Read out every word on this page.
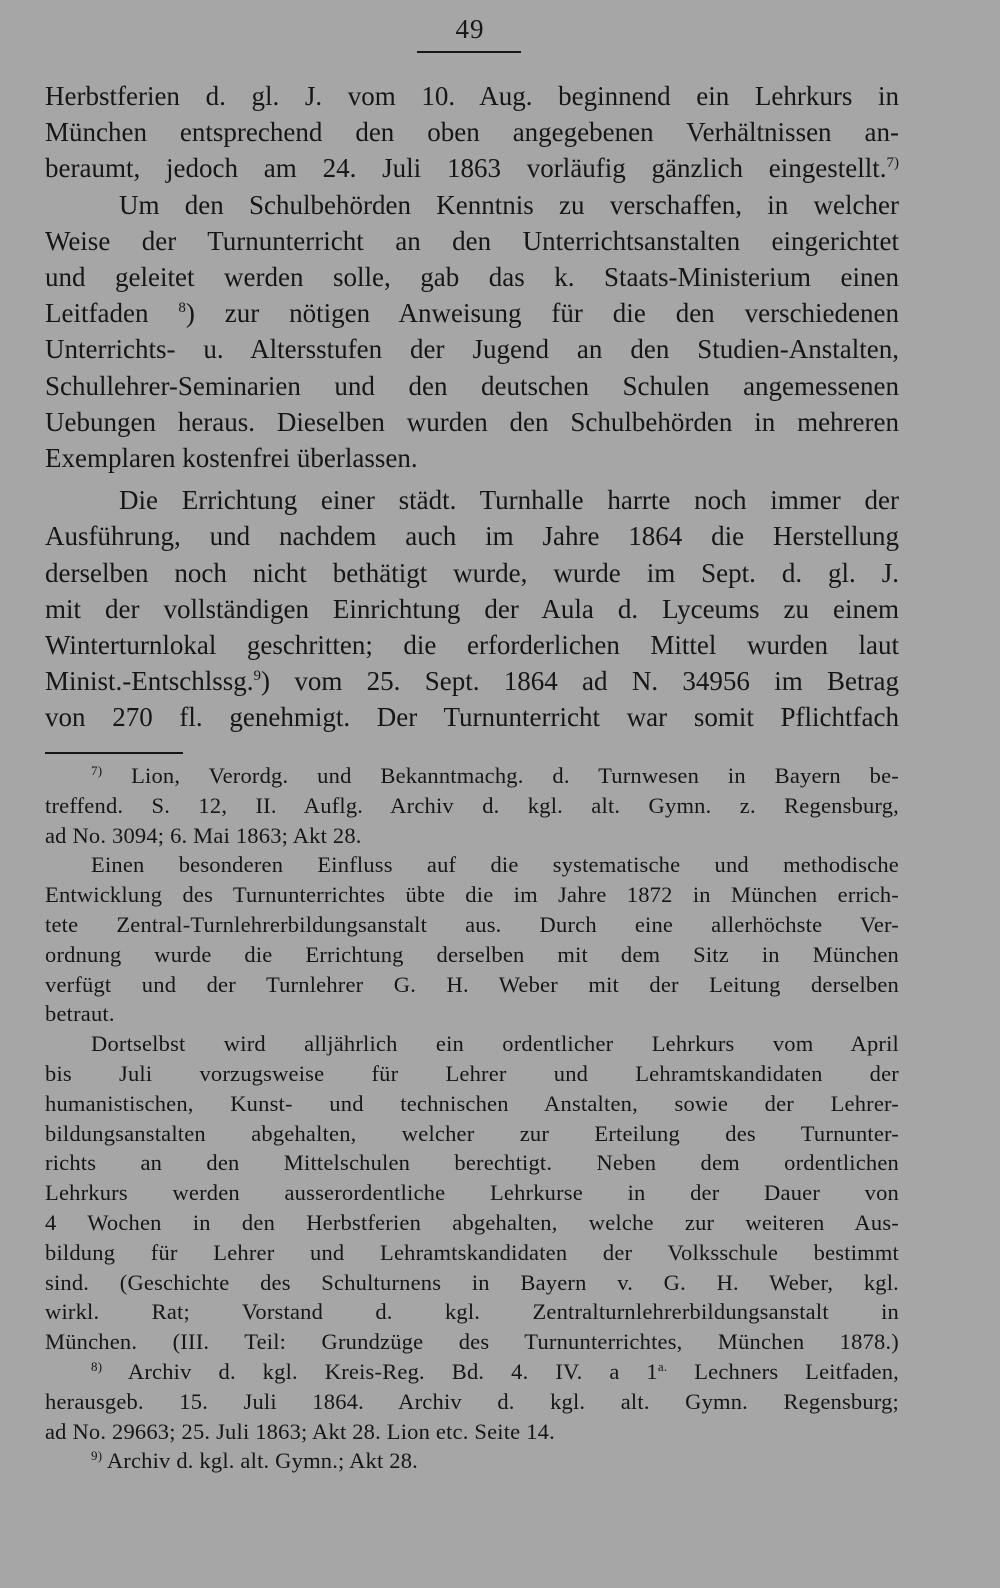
49
Herbstferien d. gl. J. vom 10. Aug. beginnend ein Lehrkurs in
München entsprechend den oben angegebenen Verhältnissen an-
beraumt, jedoch am 24. Juli 1863 vorläufig gänzlich eingestellt.$^{7)}$
Um den Schulbehörden Kenntnis zu verschaffen, in welcher
Weise der Turnunterricht an den Unterrichtsanstalten eingerichtet
und geleitet werden solle, gab das k. Staats-Ministerium einen
Leitfaden $^8$) zur nötigen Anweisung für die den verschiedenen
Unterrichts- u. Altersstufen der Jugend an den Studien-Anstalten,
Schullehrer-Seminarien und den deutschen Schulen angemessenen
Uebungen heraus. Dieselben wurden den Schulbehörden in mehreren
Exemplaren kostenfrei überlassen.
Die Errichtung einer städt. Turnhalle harrte noch immer der
Ausführung, und nachdem auch im Jahre 1864 die Herstellung
derselben noch nicht bethätigt wurde, wurde im Sept. d. gl. J.
mit der vollständigen Einrichtung der Aula d. Lyceums zu einem
Winterturnlokal geschritten; die erforderlichen Mittel wurden laut
Minist.-Entschlssg.$^9$) vom 25. Sept. 1864 ad N. 34956 im Betrag
von 270 fl. genehmigt. Der Turnunterricht war somit Pflichtfach
$^{7)}$ Lion, Verordg. und Bekanntmachg. d. Turnwesen in Bayern be-
treffend. S. 12, II. Auflg. Archiv d. kgl. alt. Gymn. z. Regensburg,
ad No. 3094; 6. Mai 1863; Akt 28.
Einen besonderen Einfluss auf die systematische und methodische
Entwicklung des Turnunterrichtes übte die im Jahre 1872 in München errich-
tete Zentral-Turnlehrerbildungsanstalt aus. Durch eine allerhöchste Ver-
ordnung wurde die Errichtung derselben mit dem Sitz in München
verfügt und der Turnlehrer G. H. Weber mit der Leitung derselben
betraut.
Dortselbst wird alljährlich ein ordentlicher Lehrkurs vom April
bis Juli vorzugsweise für Lehrer und Lehramtskandidaten der
humanistischen, Kunst- und technischen Anstalten, sowie der Lehrer-
bildungsanstalten abgehalten, welcher zur Erteilung des Turnunter-
richts an den Mittelschulen berechtigt. Neben dem ordentlichen
Lehrkurs werden ausserordentliche Lehrkurse in der Dauer von
4 Wochen in den Herbstferien abgehalten, welche zur weiteren Aus-
bildung für Lehrer und Lehramtskandidaten der Volksschule bestimmt
sind. (Geschichte des Schulturnens in Bayern v. G. H. Weber, kgl.
wirkl. Rat; Vorstand d. kgl. Zentralturnlehrerbildungsanstalt in
München. (III. Teil: Grundzüge des Turnunterrichtes, München 1878.)
$^{8)}$ Archiv d. kgl. Kreis-Reg. Bd. 4. IV. a $1^{a.}$ Lechners Leitfaden,
herausgeb. 15. Juli 1864. Archiv d. kgl. alt. Gymn. Regensburg;
ad No. 29663; 25. Juli 1863; Akt 28. Lion etc. Seite 14.
$^{9)}$ Archiv d. kgl. alt. Gymn.; Akt 28.
